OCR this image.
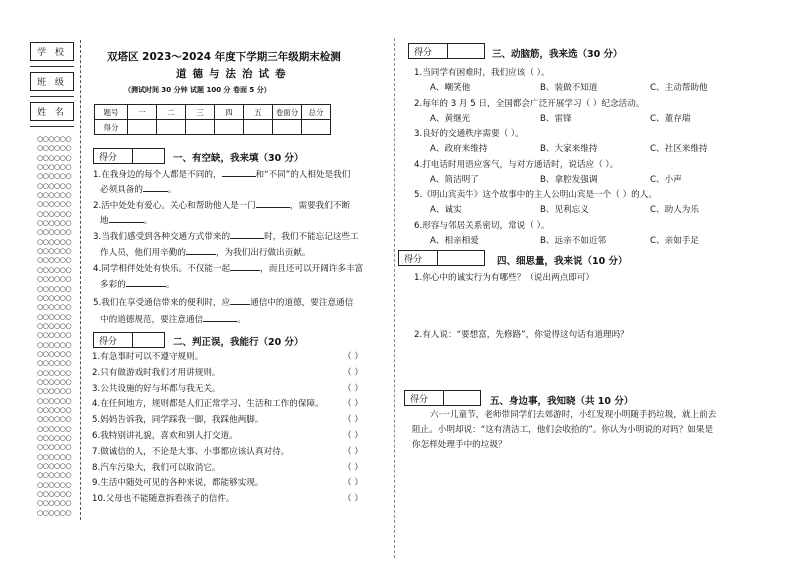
学 校
班 级
姓 名
○○○○○○
○○○○○○
○○○○○○
○○○○○○
○○○○○○
○○○○○○
○○○○○○
○○○○○○
○○○○○○
○○○○○○
○○○○○○
○○○○○○
○○○○○○
○○○○○○
○○○○○○
○○○○○○
○○○○○○
○○○○○○
○○○○○○
○○○○○○
○○○○○○
○○○○○○
○○○○○○
○○○○○○
○○○○○○
○○○○○○
○○○○○○
○○○○○○
○○○○○○
○○○○○○
○○○○○○
○○○○○○
○○○○○○
○○○○○○
○○○○○○
○○○○○○
○○○○○○
○○○○○○
○○○○○○
○○○○○○
○○○○○○
双塔区 2023～2024 年度下学期三年级期末检测
道德与法治试卷
（测试时间 30 分钟 试题 100 分 卷面 5 分）
题号	一	二	三	四	五	卷面分	总分
得分							
得分	一、有空缺，我来填（30 分）
得分	二、判正误，我能行（20 分）
得分	三、动脑筋，我来选（30 分）
得分	四、细思量，我来说（10 分）
1.你心中的诚实行为有哪些？（说出两点即可）
2.有人说：“要想富，先修路”，你觉得这句话有道理吗？
得分	五、身边事，我知晓（共 10 分）
六·一儿童节，老师带同学们去郊游时，小红发现小明随手扔垃圾，就上前去
阻止。小明却说：“这有清洁工，他们会收拾的”。你认为小明说的对吗？如果是
你怎样处理手中的垃圾？
1.在我身边的每个人都是不同的，	和“不同”的人相处是我们
必须具备的	。
2.活中处处有爱心。关心和帮助他人是一门	，需要我们不断
地	。
3.当我们感受到各种交通方式带来的	时，我们不能忘记这些工
作人员，他们用辛勤的	，为我们出行做出贡献。
4.同学相伴处处有快乐。不仅能一起	，而且还可以开阔许多丰富
多彩的	。
5.我们在享受通信带来的便利时，应 通信中的道德，要注意通信
中的道德规范，要注意通信	。
1.有急事时可以不遵守规则。	（ ）
2.只有做游戏时我们才用讲规则。	（ ）
3.公共设施的好与坏都与我无关。	（ ）
4.在任何地方，规则都是人们正常学习、生活和工作的保障。 （ ）
5.妈妈告诉我，同学踩我一脚，我踩他两脚。	（ ）
6.我特别讲礼貌，喜欢和别人打交道。	（ ）
7.做诚信的人，不论是大事、小事都应该认真对待。	（ ）
8.汽车污染大，我们可以取消它。	（ ）
9.生活中随处可见的各种来说，都能够实现。	（ ）
10.父母也不能随意拆看孩子的信件。	（ ）
1.当同学有困难时，我们应该（ ）。
A、嘲笑他	B、装做不知道	C、主动帮助他
2.每年的 3 月 5 日，全国都会广泛开展学习（ ）纪念活动。
A、黄继光	B、雷锋	C、董存瑞
3.良好的交通秩序需要（ ）。
A、政府来维持	B、大家来维持	C、社区来维持
4.打电话时用语应客气，与对方通话时，说话应（ ）。
A、简洁明了	B、拿腔发强调	C、小声
5.《明山宾卖牛》这个故事中的主人公明山宾是一个（ ）的人。
A、诚实	B、见利忘义	C、助人为乐
6.形容与邻居关系密切，常说（ ）。
A、相亲相爱	B、远亲不如近邻	C、亲如手足
